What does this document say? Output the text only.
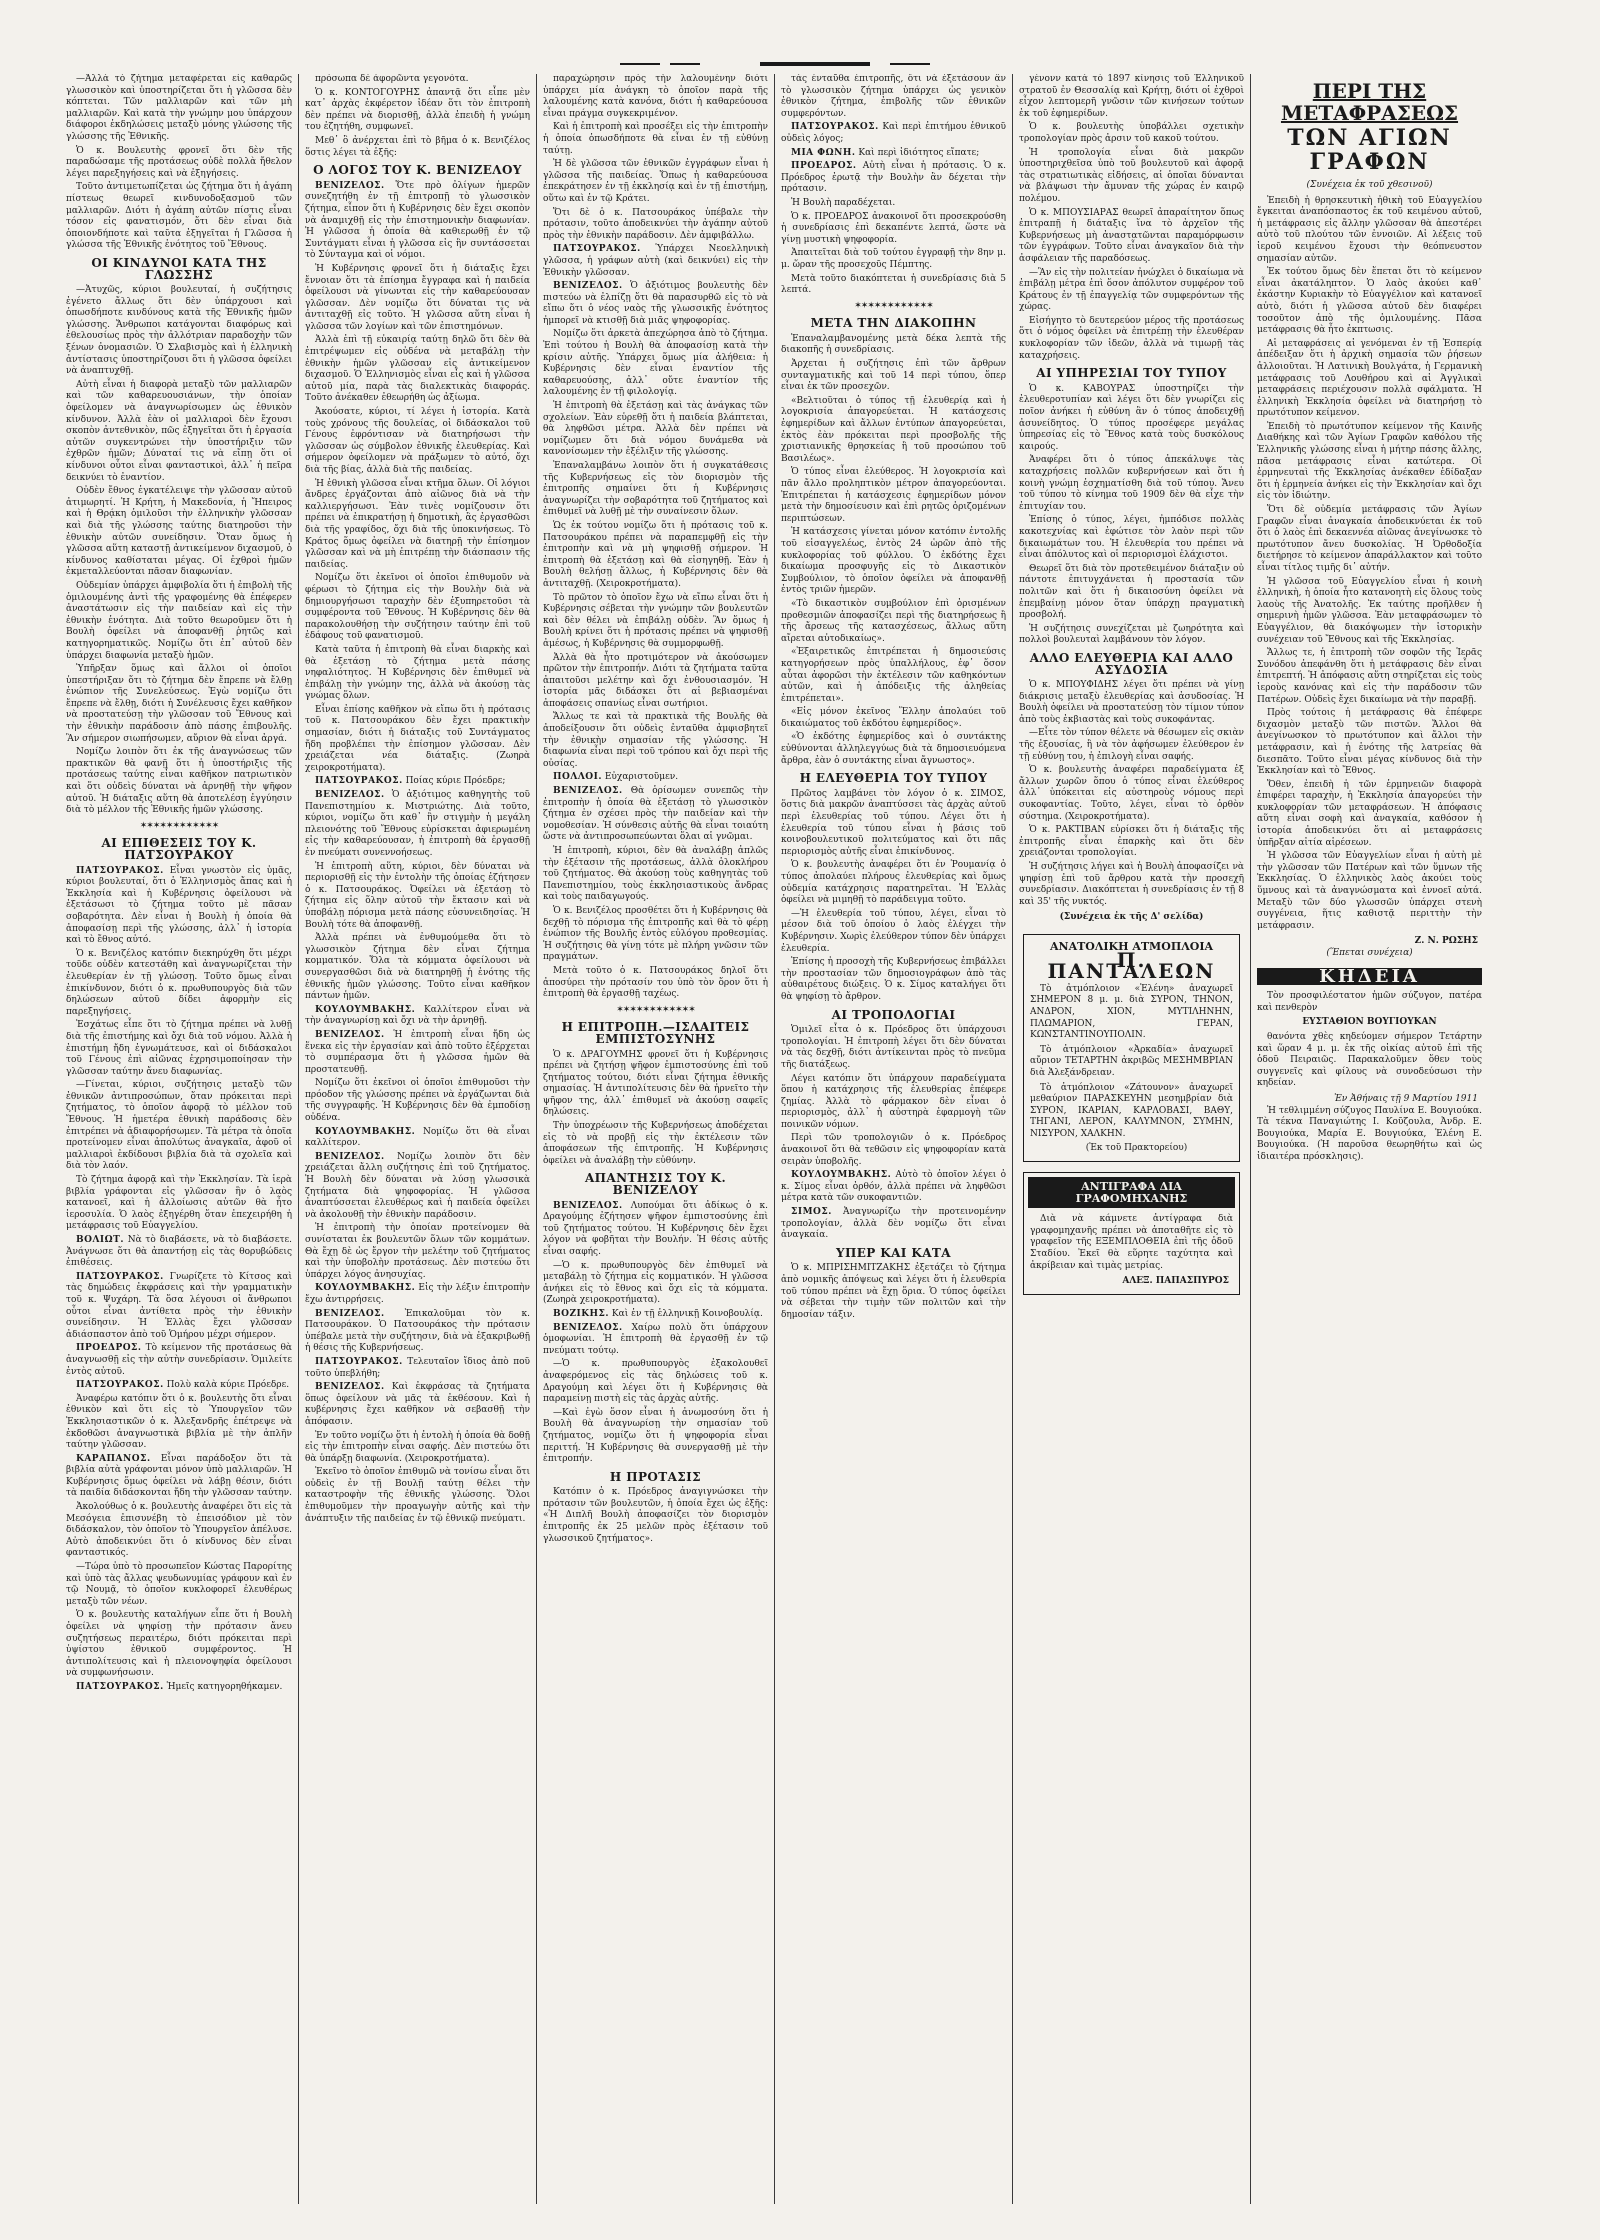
—Ἀλλὰ τὸ ζήτημα μεταφέρεται εἰς καθαρῶς γλωσσικὸν καὶ ὑποστηρίζεται ὅτι ἡ γλῶσσα δὲν κόπτεται. Τῶν μαλλιαρῶν καὶ τῶν μὴ μαλλιαρῶν. Καὶ κατὰ τὴν γνώμην μου ὑπάρχουν διάφοροι ἐκδηλώσεις μεταξὺ μόνης γλώσσης τῆς γλώσσης τῆς Ἐθνικῆς.

Ὁ κ. Βουλευτὴς φρονεῖ ὅτι δὲν τῆς παραδώσαμε τῆς προτάσεως οὐδὲ πολλὰ ἤθελον λέγει παρεξηγήσεις καὶ νὰ ἐξηγήσεις.

Τοῦτο ἀντιμετωπίζεται ὡς ζήτημα ὅτι ἡ ἀγάπη πίστεως θεωρεῖ κινδυνοδοξασμοῦ τῶν μαλλιαρῶν. Διότι ἡ ἀγάπη αὐτῶν πίστις εἶναι τόσον εἰς φανατισμόν, ὅτι δὲν εἶναι διὰ ὁποιονδήποτε καὶ ταῦτα ἐξηγεῖται ἡ Γλῶσσα ἡ γλώσσα τῆς Ἐθνικῆς ἑνότητος τοῦ Ἔθνους.

ΟΙ ΚΙΝΔΥΝΟΙ ΚΑΤΑ ΤΗΣ ΓΛΩΣΣΗΣ

—Ἀτυχῶς, κύριοι βουλευταί, ἡ συζήτησις ἐγένετο ἄλλως ὅτι δὲν ὑπάρχουσι καὶ ὁπωσδήποτε κινδύνους κατὰ τῆς Ἐθνικῆς ἡμῶν γλώσσης. Ἄνθρωποι κατάγονται διαφόρως καὶ ἐθελουσίως πρὸς τὴν ἀλλότριαν παραδοχὴν τῶν ξένων ὀνομασιῶν. Ὁ Σλαβισμὸς καὶ ἡ ἑλληνικὴ ἀντίστασις ὑποστηρίζουσι ὅτι ἡ γλῶσσα ὀφείλει νὰ ἀναπτυχθῇ.

Αὐτὴ εἶναι ἡ διαφορὰ μεταξὺ τῶν μαλλιαρῶν καὶ τῶν καθαρευουσιάνων, τὴν ὁποίαν ὀφείλομεν νὰ ἀναγνωρίσωμεν ὡς ἐθνικὸν κίνδυνον. Ἀλλὰ ἐὰν οἱ μαλλιαροὶ δὲν ἔχουσι σκοπὸν ἀντεθνικὸν, πῶς ἐξηγεῖται ὅτι ἡ ἐργασία αὐτῶν συγκεντρώνει τὴν ὑποστήριξιν τῶν ἐχθρῶν ἡμῶν; Δύναταί τις νὰ εἴπῃ ὅτι οἱ κίνδυνοι οὗτοι εἶναι φανταστικοὶ, ἀλλ᾽ ἡ πεῖρα δεικνύει τὸ ἐναντίον.

Οὐδὲν ἔθνος ἐγκατέλειψε τὴν γλῶσσαν αὐτοῦ ἀτιμωρητί. Ἡ Κρήτη, ἡ Μακεδονία, ἡ Ἤπειρος καὶ ἡ Θρᾴκη ὁμιλοῦσι τὴν ἑλληνικὴν γλῶσσαν καὶ διὰ τῆς γλώσσης ταύτης διατηροῦσι τὴν ἐθνικὴν αὐτῶν συνείδησιν. Ὅταν ὅμως ἡ γλῶσσα αὕτη καταστῇ ἀντικείμενον διχασμοῦ, ὁ κίνδυνος καθίσταται μέγας. Οἱ ἐχθροὶ ἡμῶν ἐκμεταλλεύονται πᾶσαν διαφωνίαν.

Οὐδεμίαν ὑπάρχει ἀμφιβολία ὅτι ἡ ἐπιβολὴ τῆς ὁμιλουμένης ἀντὶ τῆς γραφομένης θὰ ἐπέφερεν ἀναστάτωσιν εἰς τὴν παιδείαν καὶ εἰς τὴν ἐθνικὴν ἑνότητα. Διὰ τοῦτο θεωροῦμεν ὅτι ἡ Βουλὴ ὀφείλει νὰ ἀποφανθῇ ῥητῶς καὶ κατηγορηματικῶς. Νομίζω ὅτι ἐπ᾽ αὐτοῦ δὲν ὑπάρχει διαφωνία μεταξὺ ἡμῶν.

Ὑπῆρξαν ὅμως καὶ ἄλλοι οἱ ὁποῖοι ὑπεστήριξαν ὅτι τὸ ζήτημα δὲν ἔπρεπε νὰ ἔλθῃ ἐνώπιον τῆς Συνελεύσεως. Ἐγὼ νομίζω ὅτι ἔπρεπε νὰ ἔλθῃ, διότι ἡ Συνέλευσις ἔχει καθῆκον νὰ προστατεύσῃ τὴν γλῶσσαν τοῦ Ἔθνους καὶ τὴν ἐθνικὴν παράδοσιν ἀπὸ πάσης ἐπιβουλῆς. Ἂν σήμερον σιωπήσωμεν, αὔριον θὰ εἶναι ἀργά.

Νομίζω λοιπὸν ὅτι ἐκ τῆς ἀναγνώσεως τῶν πρακτικῶν θὰ φανῇ ὅτι ἡ ὑποστήριξις τῆς προτάσεως ταύτης εἶναι καθῆκον πατριωτικὸν καὶ ὅτι οὐδεὶς δύναται νὰ ἀρνηθῇ τὴν ψῆφον αὐτοῦ. Ἡ διάταξις αὕτη θὰ ἀποτελέσῃ ἐγγύησιν διὰ τὸ μέλλον τῆς Ἐθνικῆς ἡμῶν γλώσσης.

✶✶✶✶✶✶✶✶✶✶✶✶
ΑΙ ΕΠΙΘΕΣΕΙΣ ΤΟΥ Κ. ΠΑΤΣΟΥΡΑΚΟΥ

ΠΑΤΣΟΥΡΑΚΟΣ. Εἶναι γνωστὸν εἰς ὑμᾶς, κύριοι βουλευταί, ὅτι ὁ Ἑλληνισμὸς ἄπας καὶ ἡ Ἐκκλησία καὶ ἡ Κυβέρνησις ὀφείλουσι νὰ ἐξετάσωσι τὸ ζήτημα τοῦτο μὲ πᾶσαν σοβαρότητα. Δὲν εἶναι ἡ Βουλὴ ἡ ὁποία θὰ ἀποφασίσῃ περὶ τῆς γλώσσης, ἀλλ᾽ ἡ ἱστορία καὶ τὸ ἔθνος αὐτό.

Ὁ κ. Βενιζέλος κατόπιν διεκηρύχθη ὅτι μέχρι τοῦδε οὐδὲν κατεστάθη καὶ ἀναγνωρίζεται τὴν ἐλευθερίαν ἐν τῇ γλώσσῃ. Τοῦτο ὅμως εἶναι ἐπικίνδυνον, διότι ὁ κ. πρωθυπουργὸς διὰ τῶν δηλώσεων αὐτοῦ δίδει ἀφορμὴν εἰς παρεξηγήσεις.

Ἐσχάτως εἶπε ὅτι τὸ ζήτημα πρέπει νὰ λυθῇ διὰ τῆς ἐπιστήμης καὶ ὄχι διὰ τοῦ νόμου. Ἀλλὰ ἡ ἐπιστήμη ἤδη ἐγνωμάτευσε, καὶ οἱ διδάσκαλοι τοῦ Γένους ἐπὶ αἰῶνας ἐχρησιμοποίησαν τὴν γλῶσσαν ταύτην ἄνευ διαφωνίας.

—Γίνεται, κύριοι, συζήτησις μεταξὺ τῶν ἐθνικῶν ἀντιπροσώπων, ὅταν πρόκειται περὶ ζητήματος, τὸ ὁποῖον ἀφορᾷ τὸ μέλλον τοῦ Ἔθνους. Ἡ ἡμετέρα ἐθνικὴ παράδοσις δὲν ἐπιτρέπει νὰ ἀδιαφορήσωμεν. Τὰ μέτρα τὰ ὁποῖα προτείνομεν εἶναι ἀπολύτως ἀναγκαῖα, ἀφοῦ οἱ μαλλιαροὶ ἐκδίδουσι βιβλία διὰ τὰ σχολεῖα καὶ διὰ τὸν λαόν.

Τὸ ζήτημα ἀφορᾷ καὶ τὴν Ἐκκλησίαν. Τὰ ἱερὰ βιβλία γράφονται εἰς γλῶσσαν ἣν ὁ λαὸς κατανοεῖ, καὶ ἡ ἀλλοίωσις αὐτῶν θὰ ἦτο ἱεροσυλία. Ὁ λαὸς ἐξηγέρθη ὅταν ἐπεχειρήθη ἡ μετάφρασις τοῦ Εὐαγγελίου.

ΒΟΛΙΩΤ. Νὰ τὸ διαβάσετε, νὰ τὸ διαβάσετε. Ἀνάγνωσε ὅτι θὰ ἀπαντήσῃ εἰς τὰς θορυβώδεις ἐπιθέσεις.

ΠΑΤΣΟΥΡΑΚΟΣ. Γνωρίζετε τὸ Κίτσος καὶ τὰς δημώδεις ἐκφράσεις καὶ τὴν γραμματικὴν τοῦ κ. Ψυχάρη. Τὰ ὅσα λέγουσι οἱ ἄνθρωποι οὗτοι εἶναι ἀντίθετα πρὸς τὴν ἐθνικὴν συνείδησιν. Ἡ Ἑλλὰς ἔχει γλῶσσαν ἀδιάσπαστον ἀπὸ τοῦ Ὁμήρου μέχρι σήμερον.

ΠΡΟΕΔΡΟΣ. Τὸ κείμενον τῆς προτάσεως θὰ ἀναγνωσθῇ εἰς τὴν αὐτὴν συνεδρίασιν. Ὁμιλείτε ἐντὸς αὐτοῦ.

ΠΑΤΣΟΥΡΑΚΟΣ. Πολὺ καλὰ κύριε Πρόεδρε.

Ἀναφέρω κατόπιν ὅτι ὁ κ. βουλευτὴς ὅτι εἶναι ἐθνικὸν καὶ ὅτι εἰς τὸ Ὑπουργεῖον τῶν Ἐκκλησιαστικῶν ὁ κ. Ἀλεξανδρῆς ἐπέτρεψε νὰ ἐκδοθῶσι ἀναγνωστικὰ βιβλία μὲ τὴν ἁπλῆν ταύτην γλῶσσαν.

ΚΑΡΑΠΑΝΟΣ. Εἶναι παράδοξον ὅτι τὰ βιβλία αὐτὰ γράφονται μόνον ὑπὸ μαλλιαρῶν. Ἡ Κυβέρνησις ὅμως ὀφείλει νὰ λάβῃ θέσιν, διότι τὰ παιδία διδάσκονται ἤδη τὴν γλῶσσαν ταύτην.

Ἀκολούθως ὁ κ. βουλευτὴς ἀναφέρει ὅτι εἰς τὰ Μεσόγεια ἐπισυνέβη τὸ ἐπεισόδιον μὲ τὸν διδάσκαλον, τὸν ὁποῖον τὸ Ὑπουργεῖον ἀπέλυσε. Αὐτὸ ἀποδεικνύει ὅτι ὁ κίνδυνος δὲν εἶναι φανταστικός.

—Τώρα ὑπὸ τὸ προσωπεῖον Κώστας Παρορίτης καὶ ὑπὸ τὰς ἄλλας ψευδωνυμίας γράφουν καὶ ἐν τῷ Νουμᾷ, τὸ ὁποῖον κυκλοφορεῖ ἐλευθέρως μεταξὺ τῶν νέων.

Ὁ κ. βουλευτὴς καταλήγων εἶπε ὅτι ἡ Βουλὴ ὀφείλει νὰ ψηφίσῃ τὴν πρότασιν ἄνευ συζητήσεως περαιτέρω, διότι πρόκειται περὶ ὑψίστου ἐθνικοῦ συμφέροντος. Ἡ ἀντιπολίτευσις καὶ ἡ πλειονοψηφία ὀφείλουσι νὰ συμφωνήσωσιν.

ΠΑΤΣΟΥΡΑΚΟΣ. Ἡμεῖς κατηγορηθήκαμεν.

πρόσωπα δὲ ἀφορῶντα γεγονότα.

Ὁ κ. ΚΟΝΤΟΓΟΥΡΗΣ ἀπαντᾷ ὅτι εἶπε μὲν κατ᾽ ἀρχὰς ἐκφέρετον ἰδέαν ὅτι τὸν ἐπιτροπὴ δὲν πρέπει νὰ διορισθῇ, ἀλλὰ ἐπειδὴ ἡ γνώμη του ἐζητήθη, συμφωνεῖ.

Μεθ᾽ ὃ ἀνέρχεται ἐπὶ τὸ βῆμα ὁ κ. Βενιζέλος ὅστις λέγει τὰ ἑξῆς:

Ο ΛΟΓΟΣ ΤΟΥ Κ. ΒΕΝΙΖΕΛΟΥ

ΒΕΝΙΖΕΛΟΣ. Ὅτε πρὸ ὀλίγων ἡμερῶν συνεζητήθη ἐν τῇ ἐπιτροπῇ τὸ γλωσσικὸν ζήτημα, εἶπον ὅτι ἡ Κυβέρνησις δὲν ἔχει σκοπὸν νὰ ἀναμιχθῇ εἰς τὴν ἐπιστημονικὴν διαφωνίαν. Ἡ γλῶσσα ἡ ὁποία θὰ καθιερωθῇ ἐν τῷ Συντάγματι εἶναι ἡ γλῶσσα εἰς ἣν συντάσσεται τὸ Σύνταγμα καὶ οἱ νόμοι.

Ἡ Κυβέρνησις φρονεῖ ὅτι ἡ διάταξις ἔχει ἔννοιαν ὅτι τὰ ἐπίσημα ἔγγραφα καὶ ἡ παιδεία ὀφείλουσι νὰ γίνωνται εἰς τὴν καθαρεύουσαν γλῶσσαν. Δὲν νομίζω ὅτι δύναται τις νὰ ἀντιταχθῇ εἰς τοῦτο. Ἡ γλῶσσα αὕτη εἶναι ἡ γλῶσσα τῶν λογίων καὶ τῶν ἐπιστημόνων.

Ἀλλὰ ἐπὶ τῇ εὐκαιρίᾳ ταύτῃ δηλῶ ὅτι δὲν θὰ ἐπιτρέψωμεν εἰς οὐδένα νὰ μεταβάλῃ τὴν ἐθνικὴν ἡμῶν γλῶσσαν εἰς ἀντικείμενον διχασμοῦ. Ὁ Ἑλληνισμὸς εἶναι εἷς καὶ ἡ γλῶσσα αὐτοῦ μία, παρὰ τὰς διαλεκτικὰς διαφοράς. Τοῦτο ἀνέκαθεν ἐθεωρήθη ὡς ἀξίωμα.

Ἀκούσατε, κύριοι, τί λέγει ἡ ἱστορία. Κατὰ τοὺς χρόνους τῆς δουλείας, οἱ διδάσκαλοι τοῦ Γένους ἐφρόντισαν νὰ διατηρήσωσι τὴν γλῶσσαν ὡς σύμβολον ἐθνικῆς ἐλευθερίας. Καὶ σήμερον ὀφείλομεν νὰ πράξωμεν τὸ αὐτό, ὄχι διὰ τῆς βίας, ἀλλὰ διὰ τῆς παιδείας.

Ἡ ἐθνικὴ γλῶσσα εἶναι κτῆμα ὅλων. Οἱ λόγιοι ἄνδρες ἐργάζονται ἀπὸ αἰῶνος διὰ νὰ τὴν καλλιεργήσωσι. Ἐὰν τινὲς νομίζουσιν ὅτι πρέπει νὰ ἐπικρατήσῃ ἡ δημοτικὴ, ἃς ἐργασθῶσι διὰ τῆς γραφίδος, ὄχι διὰ τῆς ὑποκινήσεως. Τὸ Κράτος ὅμως ὀφείλει νὰ διατηρῇ τὴν ἐπίσημον γλῶσσαν καὶ νὰ μὴ ἐπιτρέπῃ τὴν διάσπασιν τῆς παιδείας.

Νομίζω ὅτι ἐκεῖνοι οἱ ὁποῖοι ἐπιθυμοῦν νὰ φέρωσι τὸ ζήτημα εἰς τὴν Βουλὴν διὰ νὰ δημιουργήσωσι ταραχὴν δὲν ἐξυπηρετοῦσι τὰ συμφέροντα τοῦ Ἔθνους. Ἡ Κυβέρνησις δὲν θὰ παρακολουθήσῃ τὴν συζήτησιν ταύτην ἐπὶ τοῦ ἐδάφους τοῦ φανατισμοῦ.

Κατὰ ταῦτα ἡ ἐπιτροπὴ θὰ εἶναι διαρκὴς καὶ θὰ ἐξετάσῃ τὸ ζήτημα μετὰ πάσης νηφαλιότητος. Ἡ Κυβέρνησις δὲν ἐπιθυμεῖ νὰ ἐπιβάλῃ τὴν γνώμην της, ἀλλὰ νὰ ἀκούσῃ τὰς γνώμας ὅλων.

Εἶναι ἐπίσης καθῆκον νὰ εἴπω ὅτι ἡ πρότασις τοῦ κ. Πατσουράκου δὲν ἔχει πρακτικὴν σημασίαν, διότι ἡ διάταξις τοῦ Συντάγματος ἤδη προβλέπει τὴν ἐπίσημον γλῶσσαν. Δὲν χρειάζεται νέα διάταξις. (Ζωηρὰ χειροκροτήματα).

ΠΑΤΣΟΥΡΑΚΟΣ. Ποίας κύριε Πρόεδρε;

ΒΕΝΙΖΕΛΟΣ. Ὁ ἀξιότιμος καθηγητὴς τοῦ Πανεπιστημίου κ. Μιστριώτης. Διὰ τοῦτο, κύριοι, νομίζω ὅτι καθ᾽ ἢν στιγμὴν ἡ μεγάλη πλειονότης τοῦ Ἔθνους εὑρίσκεται ἀφιερωμένη εἰς τὴν καθαρεύουσαν, ἡ ἐπιτροπὴ θὰ ἐργασθῇ ἐν πνεύματι συνεννοήσεως.

Ἡ ἐπιτροπὴ αὕτη, κύριοι, δὲν δύναται νὰ περιορισθῇ εἰς τὴν ἐντολὴν τῆς ὁποίας ἐζήτησεν ὁ κ. Πατσουράκος. Ὀφείλει νὰ ἐξετάσῃ τὸ ζήτημα εἰς ὅλην αὐτοῦ τὴν ἔκτασιν καὶ νὰ ὑποβάλῃ πόρισμα μετὰ πάσης εὐσυνειδησίας. Ἡ Βουλὴ τότε θὰ ἀποφανθῇ.

Ἀλλὰ πρέπει νὰ ἐνθυμούμεθα ὅτι τὸ γλωσσικὸν ζήτημα δὲν εἶναι ζήτημα κομματικόν. Ὅλα τὰ κόμματα ὀφείλουσι νὰ συνεργασθῶσι διὰ νὰ διατηρηθῇ ἡ ἑνότης τῆς ἐθνικῆς ἡμῶν γλώσσης. Τοῦτο εἶναι καθῆκον πάντων ἡμῶν.

ΚΟΥΛΟΥΜΒΑΚΗΣ. Καλλίτερον εἶναι νὰ τὴν ἀναγνωρίσῃ καὶ ὄχι νὰ τὴν ἀρνηθῇ.

ΒΕΝΙΖΕΛΟΣ. Ἡ ἐπιτροπὴ εἶναι ἤδη ὡς ἕνεκα εἰς τὴν ἐργασίαν καὶ ἀπὸ τοῦτο ἐξέρχεται τὸ συμπέρασμα ὅτι ἡ γλῶσσα ἡμῶν θὰ προστατευθῇ.

Νομίζω ὅτι ἐκεῖνοι οἱ ὁποῖοι ἐπιθυμοῦσι τὴν πρόοδον τῆς γλώσσης πρέπει νὰ ἐργάζωνται διὰ τῆς συγγραφῆς. Ἡ Κυβέρνησις δὲν θὰ ἐμποδίσῃ οὐδένα.

ΚΟΥΛΟΥΜΒΑΚΗΣ. Νομίζω ὅτι θὰ εἶναι καλλίτερον.

ΒΕΝΙΖΕΛΟΣ. Νομίζω λοιπὸν ὅτι δὲν χρειάζεται ἄλλη συζήτησις ἐπὶ τοῦ ζητήματος. Ἡ Βουλὴ δὲν δύναται νὰ λύσῃ γλωσσικὰ ζητήματα διὰ ψηφοφορίας. Ἡ γλῶσσα ἀναπτύσσεται ἐλευθέρως καὶ ἡ παιδεία ὀφείλει νὰ ἀκολουθῇ τὴν ἐθνικὴν παράδοσιν.

Ἡ ἐπιτροπὴ τὴν ὁποίαν προτείνομεν θὰ συνίσταται ἐκ βουλευτῶν ὅλων τῶν κομμάτων. Θὰ ἔχῃ δὲ ὡς ἔργον τὴν μελέτην τοῦ ζητήματος καὶ τὴν ὑποβολὴν προτάσεως. Δὲν πιστεύω ὅτι ὑπάρχει λόγος ἀνησυχίας.

ΚΟΥΛΟΥΜΒΑΚΗΣ. Εἰς τὴν λέξιν ἐπιτροπὴν ἔχω ἀντιρρήσεις.

ΒΕΝΙΖΕΛΟΣ. Ἐπικαλοῦμαι τὸν κ. Πατσουράκον. Ὁ Πατσουράκος τὴν πρότασιν ὑπέβαλε μετὰ τὴν συζήτησιν, διὰ νὰ ἐξακριβωθῇ ἡ θέσις τῆς Κυβερνήσεως.

ΠΑΤΣΟΥΡΑΚΟΣ. Τελευταῖον ἴδιος ἀπὸ ποῦ τοῦτο ὑπεβλήθη;

ΒΕΝΙΖΕΛΟΣ. Καὶ ἐκφράσας τὰ ζητήματα ὅπως ὀφείλουν νὰ μᾶς τὰ ἐκθέσουν. Καὶ ἡ κυβέρνησις ἔχει καθῆκον νὰ σεβασθῇ τὴν ἀπόφασιν.

Ἐν τοῦτο νομίζω ὅτι ἡ ἐντολὴ ἡ ὁποία θὰ δοθῇ εἰς τὴν ἐπιτροπὴν εἶναι σαφής. Δὲν πιστεύω ὅτι θὰ ὑπάρξῃ διαφωνία. (Χειροκροτήματα).

Ἐκεῖνο τὸ ὁποῖον ἐπιθυμῶ νὰ τονίσω εἶναι ὅτι οὐδεὶς ἐν τῇ Βουλῇ ταύτῃ θέλει τὴν καταστροφὴν τῆς ἐθνικῆς γλώσσης. Ὅλοι ἐπιθυμοῦμεν τὴν προαγωγὴν αὐτῆς καὶ τὴν ἀνάπτυξιν τῆς παιδείας ἐν τῷ ἐθνικῷ πνεύματι.

παραχώρησιν πρὸς τὴν λαλουμένην διότι ὑπάρχει μία ἀνάγκη τὸ ὁποῖον παρὰ τῆς λαλουμένης κατὰ κανόνα, διότι ἡ καθαρεύουσα εἶναι πράγμα συγκεκριμένον.

Καὶ ἡ ἐπιτροπὴ καὶ προσέξει εἰς τὴν ἐπιτροπὴν ἡ ὁποία ὁπωσδήποτε θὰ εἶναι ἐν τῇ εὐθύνῃ ταύτῃ.

Ἡ δὲ γλῶσσα τῶν ἐθνικῶν ἐγγράφων εἶναι ἡ γλῶσσα τῆς παιδείας. Ὅπως ἡ καθαρεύουσα ἐπεκράτησεν ἐν τῇ ἐκκλησίᾳ καὶ ἐν τῇ ἐπιστήμῃ, οὕτω καὶ ἐν τῷ Κράτει.

Ὅτι δὲ ὁ κ. Πατσουράκος ὑπέβαλε τὴν πρότασιν, τοῦτο ἀποδεικνύει τὴν ἀγάπην αὐτοῦ πρὸς τὴν ἐθνικὴν παράδοσιν. Δὲν ἀμφιβάλλω.

ΠΑΤΣΟΥΡΑΚΟΣ. Ὑπάρχει Νεοελληνικὴ γλῶσσα, ἡ γράφων αὐτὴ (καὶ δεικνύει) εἰς τὴν Ἐθνικὴν γλῶσσαν.

ΒΕΝΙΖΕΛΟΣ. Ὁ ἀξιότιμος βουλευτὴς δὲν πιστεύω νὰ ἐλπίζῃ ὅτι θὰ παρασυρθῶ εἰς τὸ νὰ εἴπω ὅτι ὁ νέος ναὸς τῆς γλωσσικῆς ἐνότητος ἠμπορεῖ νὰ κτισθῇ διὰ μιᾶς ψηφοφορίας.

Νομίζω ὅτι ἀρκετὰ ἀπεχώρησα ἀπὸ τὸ ζήτημα. Ἐπὶ τούτου ἡ Βουλὴ θὰ ἀποφασίσῃ κατὰ τὴν κρίσιν αὐτῆς. Ὑπάρχει ὅμως μία ἀλήθεια: ἡ Κυβέρνησις δὲν εἶναι ἐναντίον τῆς καθαρευούσης, ἀλλ᾽ οὔτε ἐναντίον τῆς λαλουμένης ἐν τῇ φιλολογίᾳ.

Ἡ ἐπιτροπὴ θὰ ἐξετάσῃ καὶ τὰς ἀνάγκας τῶν σχολείων. Ἐὰν εὑρεθῇ ὅτι ἡ παιδεία βλάπτεται, θὰ ληφθῶσι μέτρα. Ἀλλὰ δὲν πρέπει νὰ νομίζωμεν ὅτι διὰ νόμου δυνάμεθα νὰ κανονίσωμεν τὴν ἐξέλιξιν τῆς γλώσσης.

Ἐπαναλαμβάνω λοιπὸν ὅτι ἡ συγκατάθεσις τῆς Κυβερνήσεως εἰς τὸν διορισμὸν τῆς ἐπιτροπῆς σημαίνει ὅτι ἡ Κυβέρνησις ἀναγνωρίζει τὴν σοβαρότητα τοῦ ζητήματος καὶ ἐπιθυμεῖ νὰ λυθῇ μὲ τὴν συναίνεσιν ὅλων.

Ὡς ἐκ τούτου νομίζω ὅτι ἡ πρότασις τοῦ κ. Πατσουράκου πρέπει νὰ παραπεμφθῇ εἰς τὴν ἐπιτροπὴν καὶ νὰ μὴ ψηφισθῇ σήμερον. Ἡ ἐπιτροπὴ θὰ ἐξετάσῃ καὶ θὰ εἰσηγηθῇ. Ἐὰν ἡ Βουλὴ θελήσῃ ἄλλως, ἡ Κυβέρνησις δὲν θὰ ἀντιταχθῇ. (Χειροκροτήματα).

Τὸ πρῶτον τὸ ὁποῖον ἔχω νὰ εἴπω εἶναι ὅτι ἡ Κυβέρνησις σέβεται τὴν γνώμην τῶν βουλευτῶν καὶ δὲν θέλει νὰ ἐπιβάλῃ οὐδὲν. Ἂν ὅμως ἡ Βουλὴ κρίνει ὅτι ἡ πρότασις πρέπει νὰ ψηφισθῇ ἀμέσως, ἡ Κυβέρνησις θὰ συμμορφωθῇ.

Ἀλλὰ θὰ ἦτο προτιμότερον νὰ ἀκούσωμεν πρῶτον τὴν ἐπιτροπήν. Διότι τὰ ζητήματα ταῦτα ἀπαιτοῦσι μελέτην καὶ ὄχι ἐνθουσιασμόν. Ἡ ἱστορία μᾶς διδάσκει ὅτι αἱ βεβιασμέναι ἀποφάσεις σπανίως εἶναι σωτήριοι.

Ἄλλως τε καὶ τὰ πρακτικὰ τῆς Βουλῆς θὰ ἀποδείξουσιν ὅτι οὐδεὶς ἐνταῦθα ἀμφισβητεῖ τὴν ἐθνικὴν σημασίαν τῆς γλώσσης. Ἡ διαφωνία εἶναι περὶ τοῦ τρόπου καὶ ὄχι περὶ τῆς οὐσίας.

ΠΟΛΛΟΙ. Εὐχαριστοῦμεν.

ΒΕΝΙΖΕΛΟΣ. Θὰ ὁρίσωμεν συνεπῶς τὴν ἐπιτροπὴν ἡ ὁποία θὰ ἐξετάσῃ τὸ γλωσσικὸν ζήτημα ἐν σχέσει πρὸς τὴν παιδείαν καὶ τὴν νομοθεσίαν. Ἡ σύνθεσις αὐτῆς θὰ εἶναι τοιαύτη ὥστε νὰ ἀντιπροσωπεύωνται ὅλαι αἱ γνῶμαι.

Ἡ ἐπιτροπὴ, κύριοι, δὲν θὰ ἀναλάβῃ ἀπλῶς τὴν ἐξέτασιν τῆς προτάσεως, ἀλλὰ ὁλοκλήρου τοῦ ζητήματος. Θὰ ἀκούσῃ τοὺς καθηγητὰς τοῦ Πανεπιστημίου, τοὺς ἐκκλησιαστικοὺς ἄνδρας καὶ τοὺς παιδαγωγούς.

Ὁ κ. Βενιζέλος προσθέτει ὅτι ἡ Κυβέρνησις θὰ δεχθῇ τὸ πόρισμα τῆς ἐπιτροπῆς καὶ θὰ τὸ φέρῃ ἐνώπιον τῆς Βουλῆς ἐντὸς εὐλόγου προθεσμίας. Ἡ συζήτησις θὰ γίνῃ τότε μὲ πλήρη γνῶσιν τῶν πραγμάτων.

Μετὰ τοῦτο ὁ κ. Πατσουράκος δηλοῖ ὅτι ἀποσύρει τὴν πρότασίν του ὑπὸ τὸν ὅρον ὅτι ἡ ἐπιτροπὴ θὰ ἐργασθῇ ταχέως.

✶✶✶✶✶✶✶✶✶✶✶✶
Η ΕΠΙΤΡΟΠΗ.—ΙΣΛΑΙΤΕΙΣ ΕΜΠΙΣΤΟΣΥΝΗΣ

Ὁ κ. ΔΡΑΓΟΥΜΗΣ φρονεῖ ὅτι ἡ Κυβέρνησις πρέπει νὰ ζητήσῃ ψῆφον ἐμπιστοσύνης ἐπὶ τοῦ ζητήματος τούτου, διότι εἶναι ζήτημα ἐθνικῆς σημασίας. Ἡ ἀντιπολίτευσις δὲν θὰ ἠρνεῖτο τὴν ψῆφον της, ἀλλ᾽ ἐπιθυμεῖ νὰ ἀκούσῃ σαφεῖς δηλώσεις.

Τὴν ὑποχρέωσιν τῆς Κυβερνήσεως ἀποδέχεται εἰς τὸ νὰ προβῇ εἰς τὴν ἐκτέλεσιν τῶν ἀποφάσεων τῆς ἐπιτροπῆς. Ἡ Κυβέρνησις ὀφείλει νὰ ἀναλάβῃ τὴν εὐθύνην.

ΑΠΑΝΤΗΣΙΣ ΤΟΥ Κ. ΒΕΝΙΖΕΛΟΥ

ΒΕΝΙΖΕΛΟΣ. Λυπούμαι ὅτι ἀδίκως ὁ κ. Δραγούμης ἐζήτησεν ψῆφον ἐμπιστοσύνης ἐπὶ τοῦ ζητήματος τούτου. Ἡ Κυβέρνησις δὲν ἔχει λόγον νὰ φοβῆται τὴν Βουλήν. Ἡ θέσις αὐτῆς εἶναι σαφής.

—Ὁ κ. πρωθυπουργὸς δὲν ἐπιθυμεῖ νὰ μεταβάλῃ τὸ ζήτημα εἰς κομματικόν. Ἡ γλῶσσα ἀνήκει εἰς τὸ ἔθνος καὶ ὄχι εἰς τὰ κόμματα. (Ζωηρὰ χειροκροτήματα).

ΒΟΖΙΚΗΣ. Καὶ ἐν τῇ ἑλληνικῇ Κοινοβουλίᾳ.

ΒΕΝΙΖΕΛΟΣ. Χαίρω πολὺ ὅτι ὑπάρχουν ὁμοφωνίαι. Ἡ ἐπιτροπὴ θὰ ἐργασθῇ ἐν τῷ πνεύματι τούτῳ.

—Ὁ κ. πρωθυπουργὸς ἐξακολουθεῖ ἀναφερόμενος εἰς τὰς δηλώσεις τοῦ κ. Δραγούμη καὶ λέγει ὅτι ἡ Κυβέρνησις θὰ παραμείνῃ πιστὴ εἰς τὰς ἀρχὰς αὐτῆς.

—Καὶ ἐγὼ ὅσον εἶναι ἡ ἀνωμοσύνη ὅτι ἡ Βουλὴ θὰ ἀναγνωρίσῃ τὴν σημασίαν τοῦ ζητήματος, νομίζω ὅτι ἡ ψηφοφορία εἶναι περιττή. Ἡ Κυβέρνησις θὰ συνεργασθῇ μὲ τὴν ἐπιτροπήν.

Η ΠΡΟΤΑΣΙΣ

Κατόπιν ὁ κ. Πρόεδρος ἀναγιγνώσκει τὴν πρότασιν τῶν βουλευτῶν, ἡ ὁποία ἔχει ὡς ἑξῆς: «Ἡ Διπλῆ Βουλὴ ἀποφασίζει τὸν διορισμὸν ἐπιτροπῆς ἐκ 25 μελῶν πρὸς ἐξέτασιν τοῦ γλωσσικοῦ ζητήματος».

τὰς ἐνταῦθα ἐπιτροπῆς, ὅτι νὰ ἐξετάσουν ἂν τὸ γλωσσικὸν ζήτημα ὑπάρχει ὡς γενικὸν ἐθνικὸν ζήτημα, ἐπιβολῆς τῶν ἐθνικῶν συμφερόντων.

ΠΑΤΣΟΥΡΑΚΟΣ. Καὶ περὶ ἐπιτήμου ἐθνικοῦ οὐδεὶς λόγος;

ΜΙΑ ΦΩΝΗ. Καὶ περὶ ἰδιότητος εἴπατε;

ΠΡΟΕΔΡΟΣ. Αὐτὴ εἶναι ἡ πρότασις. Ὁ κ. Πρόεδρος ἐρωτᾷ τὴν Βουλὴν ἂν δέχεται τὴν πρότασιν.

Ἡ Βουλὴ παραδέχεται.

Ὁ κ. ΠΡΟΕΔΡΟΣ ἀνακοινοῖ ὅτι προσεκρούσθη ἡ συνεδρίασις ἐπὶ δεκαπέντε λεπτά, ὥστε νὰ γίνῃ μυστικὴ ψηφοφορία.

Ἀπαιτεῖται διὰ τοῦ τούτου ἐγγραφῇ τὴν 8ην μ. μ. ὥραν τῆς προσεχοῦς Πέμπτης.

Μετὰ τοῦτο διακόπτεται ἡ συνεδρίασις διὰ 5 λεπτά.

✶✶✶✶✶✶✶✶✶✶✶✶
ΜΕΤΑ ΤΗΝ ΔΙΑΚΟΠΗΝ

Ἐπαναλαμβανομένης μετὰ δέκα λεπτὰ τῆς διακοπῆς ἡ συνεδρίασις.

Ἀρχεται ἡ συζήτησις ἐπὶ τῶν ἄρθρων συνταγματικῆς καὶ τοῦ 14 περὶ τύπου, ὅπερ εἶναι ἐκ τῶν προσεχῶν.

«Βελτιοῦται ὁ τύπος τῇ ἐλευθερίᾳ καὶ ἡ λογοκρισία ἀπαγορεύεται. Ἡ κατάσχεσις ἐφημερίδων καὶ ἄλλων ἐντύπων ἀπαγορεύεται, ἐκτὸς ἐὰν πρόκειται περὶ προσβολῆς τῆς χριστιανικῆς θρησκείας ἢ τοῦ προσώπου τοῦ Βασιλέως».

Ὁ τύπος εἶναι ἐλεύθερος. Ἡ λογοκρισία καὶ πᾶν ἄλλο προληπτικὸν μέτρον ἀπαγορεύονται. Ἐπιτρέπεται ἡ κατάσχεσις ἐφημερίδων μόνον μετὰ τὴν δημοσίευσιν καὶ ἐπὶ ρητῶς ὁριζομένων περιπτώσεων.

Ἡ κατάσχεσις γίνεται μόνον κατόπιν ἐντολῆς τοῦ εἰσαγγελέως, ἐντὸς 24 ὡρῶν ἀπὸ τῆς κυκλοφορίας τοῦ φύλλου. Ὁ ἐκδότης ἔχει δικαίωμα προσφυγῆς εἰς τὸ Δικαστικὸν Συμβούλιον, τὸ ὁποῖον ὀφείλει νὰ ἀποφανθῇ ἐντὸς τριῶν ἡμερῶν.

«Τὸ δικαστικὸν συμβούλιον ἐπὶ ὁρισμένων προθεσμιῶν ἀποφασίζει περὶ τῆς διατηρήσεως ἢ τῆς ἄρσεως τῆς κατασχέσεως, ἄλλως αὕτη αἴρεται αὐτοδικαίως».

«Ἐξαιρετικῶς ἐπιτρέπεται ἡ δημοσιεύσις κατηγορήσεων πρὸς ὑπαλλήλους, ἐφ᾽ ὅσον αὗται ἀφορῶσι τὴν ἐκτέλεσιν τῶν καθηκόντων αὐτῶν, καὶ ἡ ἀπόδειξις τῆς ἀληθείας ἐπιτρέπεται».

«Εἰς μόνον ἐκεῖνος Ἕλλην ἀπολαύει τοῦ δικαιώματος τοῦ ἐκδότου ἐφημερίδος».

«Ὁ ἐκδότης ἐφημερίδος καὶ ὁ συντάκτης εὐθύνονται ἀλληλεγγύως διὰ τὰ δημοσιευόμενα ἄρθρα, ἐὰν ὁ συντάκτης εἶναι ἄγνωστος».

Η ΕΛΕΥΘΕΡΙΑ ΤΟΥ ΤΥΠΟΥ

Πρῶτος λαμβάνει τὸν λόγον ὁ κ. ΣΙΜΟΣ, ὅστις διὰ μακρῶν ἀναπτύσσει τὰς ἀρχὰς αὐτοῦ περὶ ἐλευθερίας τοῦ τύπου. Λέγει ὅτι ἡ ἐλευθερία τοῦ τύπου εἶναι ἡ βάσις τοῦ κοινοβουλευτικοῦ πολιτεύματος καὶ ὅτι πᾶς περιορισμὸς αὐτῆς εἶναι ἐπικίνδυνος.

Ὁ κ. βουλευτὴς ἀναφέρει ὅτι ἐν Ῥουμανίᾳ ὁ τύπος ἀπολαύει πλήρους ἐλευθερίας καὶ ὅμως οὐδεμία κατάχρησις παρατηρεῖται. Ἡ Ἑλλὰς ὀφείλει νὰ μιμηθῇ τὸ παράδειγμα τοῦτο.

—Ἡ ἐλευθερία τοῦ τύπου, λέγει, εἶναι τὸ μέσον διὰ τοῦ ὁποίου ὁ λαὸς ἐλέγχει τὴν Κυβέρνησιν. Χωρὶς ἐλεύθερον τύπον δὲν ὑπάρχει ἐλευθερία.

Ἐπίσης ἡ προσοχὴ τῆς Κυβερνήσεως ἐπιβάλλει τὴν προστασίαν τῶν δημοσιογράφων ἀπὸ τὰς αὐθαιρέτους διώξεις. Ὁ κ. Σίμος καταλήγει ὅτι θὰ ψηφίσῃ τὸ ἄρθρον.

ΑΙ ΤΡΟΠΟΛΟΓΙΑΙ

Ὁμιλεῖ εἶτα ὁ κ. Πρόεδρος ὅτι ὑπάρχουσι τροπολογίαι. Ἡ ἐπιτροπὴ λέγει ὅτι δὲν δύναται νὰ τὰς δεχθῇ, διότι ἀντίκεινται πρὸς τὸ πνεῦμα τῆς διατάξεως.

Λέγει κατόπιν ὅτι ὑπάρχουν παραδείγματα ὅπου ἡ κατάχρησις τῆς ἐλευθερίας ἐπέφερε ζημίας. Ἀλλὰ τὸ φάρμακον δὲν εἶναι ὁ περιορισμὸς, ἀλλ᾽ ἡ αὐστηρὰ ἐφαρμογὴ τῶν ποινικῶν νόμων.

Περὶ τῶν τροπολογιῶν ὁ κ. Πρόεδρος ἀνακοινοῖ ὅτι θὰ τεθῶσιν εἰς ψηφοφορίαν κατὰ σειρὰν ὑποβολῆς.

ΚΟΥΛΟΥΜΒΑΚΗΣ. Αὐτὸ τὸ ὁποῖον λέγει ὁ κ. Σίμος εἶναι ὀρθόν, ἀλλὰ πρέπει νὰ ληφθῶσι μέτρα κατὰ τῶν συκοφαντιῶν.

ΣΙΜΟΣ. Ἀναγνωρίζω τὴν προτεινομένην τροπολογίαν, ἀλλὰ δὲν νομίζω ὅτι εἶναι ἀναγκαία.

ΥΠΕΡ ΚΑΙ ΚΑΤΑ

Ὁ κ. ΜΠΡΙΣΗΜΙΤΖΑΚΗΣ ἐξετάζει τὸ ζήτημα ἀπὸ νομικῆς ἀπόψεως καὶ λέγει ὅτι ἡ ἐλευθερία τοῦ τύπου πρέπει νὰ ἔχῃ ὅρια. Ὁ τύπος ὀφείλει νὰ σέβεται τὴν τιμὴν τῶν πολιτῶν καὶ τὴν δημοσίαν τάξιν.

γένονν κατὰ τὸ 1897 κίνησις τοῦ Ἑλληνικοῦ στρατοῦ ἐν Θεσσαλίᾳ καὶ Κρήτῃ, διότι οἱ ἐχθροὶ εἶχον λεπτομερῆ γνῶσιν τῶν κινήσεων τούτων ἐκ τοῦ ἐφημερίδων.

Ὁ κ. βουλευτὴς ὑποβάλλει σχετικὴν τροπολογίαν πρὸς ἀρσιν τοῦ κακοῦ τούτου.

Ἡ τροπολογία εἶναι διὰ μακρῶν ὑποστηριχθεῖσα ὑπὸ τοῦ βουλευτοῦ καὶ ἀφορᾷ τὰς στρατιωτικὰς εἰδήσεις, αἱ ὁποῖαι δύνανται νὰ βλάψωσι τὴν ἄμυναν τῆς χώρας ἐν καιρῷ πολέμου.

Ὁ κ. ΜΠΟΥΣΙΑΡΑΣ θεωρεῖ ἀπαραίτητον ὅπως ἐπιτραπῇ ἡ διάταξις ἵνα τὸ ἀρχεῖον τῆς Κυβερνήσεως μὴ ἀναστατῶνται παραμόρφωσιν τῶν ἐγγράφων. Τοῦτο εἶναι ἀναγκαῖον διὰ τὴν ἀσφάλειαν τῆς παραδόσεως.

—Ἂν εἰς τὴν πολιτείαν ἠνώχλει ὁ δικαίωμα νὰ ἐπιβάλῃ μέτρα ἐπὶ ὅσον ἀπόλυτον συμφέρον τοῦ Κράτους ἐν τῇ ἐπαγγελίᾳ τῶν συμφερόντων τῆς χώρας.

Εἰσήγητο τὸ δευτερεύον μέρος τῆς προτάσεως ὅτι ὁ νόμος ὀφείλει νὰ ἐπιτρέπῃ τὴν ἐλευθέραν κυκλοφορίαν τῶν ἰδεῶν, ἀλλὰ νὰ τιμωρῇ τὰς καταχρήσεις.

ΑΙ ΥΠΗΡΕΣΙΑΙ ΤΟΥ ΤΥΠΟΥ

Ὁ κ. ΚΑΒΟΥΡΑΣ ὑποστηρίζει τὴν ἐλευθεροτυπίαν καὶ λέγει ὅτι δὲν γνωρίζει εἰς ποῖον ἀνήκει ἡ εὐθύνη ἂν ὁ τύπος ἀποδειχθῇ ἀσυνείδητος. Ὁ τύπος προσέφερε μεγάλας ὑπηρεσίας εἰς τὸ Ἔθνος κατὰ τοὺς δυσκόλους καιρούς.

Ἀναφέρει ὅτι ὁ τύπος ἀπεκάλυψε τὰς καταχρήσεις πολλῶν κυβερνήσεων καὶ ὅτι ἡ κοινὴ γνώμη ἐσχηματίσθη διὰ τοῦ τύπου. Ἄνευ τοῦ τύπου τὸ κίνημα τοῦ 1909 δὲν θὰ εἶχε τὴν ἐπιτυχίαν του.

Ἐπίσης ὁ τύπος, λέγει, ἠμπόδισε πολλὰς κακοτεχνίας καὶ ἐφώτισε τὸν λαὸν περὶ τῶν δικαιωμάτων του. Ἡ ἐλευθερία του πρέπει νὰ εἶναι ἀπόλυτος καὶ οἱ περιορισμοὶ ἐλάχιστοι.

Θεωρεῖ ὅτι διὰ τὸν προτεθειμένον διάταξιν οὐ πάντοτε ἐπιτυγχάνεται ἡ προστασία τῶν πολιτῶν καὶ ὅτι ἡ δικαιοσύνη ὀφείλει νὰ ἐπεμβαίνῃ μόνον ὅταν ὑπάρχῃ πραγματικὴ προσβολή.

Ἡ συζήτησις συνεχίζεται μὲ ζωηρότητα καὶ πολλοὶ βουλευταὶ λαμβάνουν τὸν λόγον.

ΑΛΛΟ ΕΛΕΥΘΕΡΙΑ ΚΑΙ ΑΛΛΟ ΑΣΥΔΟΣΙΑ

Ὁ κ. ΜΠΟΥΦΙΔΗΣ λέγει ὅτι πρέπει νὰ γίνῃ διάκρισις μεταξὺ ἐλευθερίας καὶ ἀσυδοσίας. Ἡ Βουλὴ ὀφείλει νὰ προστατεύσῃ τὸν τίμιον τύπον ἀπὸ τοὺς ἐκβιαστὰς καὶ τοὺς συκοφάντας.

—Εἶτε τὸν τύπον θέλετε νὰ θέσωμεν εἰς σκιὰν τῆς ἐξουσίας, ἢ νὰ τὸν ἀφήσωμεν ἐλεύθερον ἐν τῇ εὐθύνῃ του, ἡ ἐπιλογὴ εἶναι σαφής.

Ὁ κ. βουλευτὴς ἀναφέρει παραδείγματα ἐξ ἄλλων χωρῶν ὅπου ὁ τύπος εἶναι ἐλεύθερος ἀλλ᾽ ὑπόκειται εἰς αὐστηροὺς νόμους περὶ συκοφαντίας. Τοῦτο, λέγει, εἶναι τὸ ὀρθὸν σύστημα. (Χειροκροτήματα).

Ὁ κ. ΡΑΚΤΙΒΑΝ εὐρίσκει ὅτι ἡ διάταξις τῆς ἐπιτροπῆς εἶναι ἐπαρκὴς καὶ ὅτι δὲν χρειάζονται τροπολογίαι.

Ἡ συζήτησις λήγει καὶ ἡ Βουλὴ ἀποφασίζει νὰ ψηφίσῃ ἐπὶ τοῦ ἄρθρου κατὰ τὴν προσεχῆ συνεδρίασιν. Διακόπτεται ἡ συνεδρίασις ἐν τῇ 8 καὶ 35' τῆς νυκτός.

(Συνέχεια ἐκ τῆς Δ' σελίδα)
ΑΝΑΤΟΛΙΚΗ ΑΤΜΟΠΛΟΙΑ
Π. ΠΑΝΤΑΛΕΩΝ

Τὸ ἀτμόπλοιον «Ἑλένη» ἀναχωρεῖ ΣΗΜΕΡΟΝ 8 μ. μ. διὰ ΣΥΡΟΝ, ΤΗΝΟΝ, ΑΝΔΡΟΝ, ΧΙΟΝ, ΜΥΤΙΛΗΝΗΝ, ΠΛΩΜΑΡΙΟΝ, ΓΕΡΑΝ, ΚΩΝΣΤΑΝΤΙΝΟΥΠΟΛΙΝ.

Τὸ ἀτμόπλοιον «Ἀρκαδία» ἀναχωρεῖ αὔριον ΤΕΤΑΡΤΗΝ ἀκριβῶς ΜΕΣΗΜΒΡΙΑΝ διὰ Ἀλεξάνδρειαν.

Τὸ ἀτμόπλοιον «Ζάτουνον» ἀναχωρεῖ μεθαύριον ΠΑΡΑΣΚΕΥΗΝ μεσημβρίαν διὰ ΣΥΡΟΝ, ΙΚΑΡΙΑΝ, ΚΑΡΛΟΒΑΣΙ, ΒΑΘΥ, ΤΗΓΑΝΙ, ΛΕΡΟΝ, ΚΑΛΥΜΝΟΝ, ΣΥΜΗΝ, ΝΙΣΥΡΟΝ, ΧΑΛΚΗΝ.

(Ἐκ τοῦ Πρακτορείου)

ΑΝΤΙΓΡΑΦΑ ΔΙΑ ΓΡΑΦΟΜΗΧΑΝΗΣ

Διὰ νὰ κάμνετε ἀντίγραφα διὰ γραφομηχανῆς πρέπει νὰ ἀποταθῆτε εἰς τὸ γραφεῖον τῆς ΕΞΕΜΠΛΟΘΕΙΑ ἐπὶ τῆς ὁδοῦ Σταδίου. Ἐκεῖ θὰ εὕρητε ταχύτητα καὶ ἀκρίβειαν καὶ τιμὰς μετρίας.

ΑΛΕΞ. ΠΑΠΑΣΠΥΡΟΣ
ΠΕΡΙ ΤΗΣ ΜΕΤΑΦΡΑΣΕΩΣ
ΤΩΝ ΑΓΙΩΝ ΓΡΑΦΩΝ
(Συνέχεια ἐκ τοῦ χθεσινοῦ)

Ἐπειδὴ ἡ θρησκευτικὴ ἠθικὴ τοῦ Εὐαγγελίου ἔγκειται ἀναπόσπαστος ἐκ τοῦ κειμένου αὐτοῦ, ἡ μετάφρασις εἰς ἄλλην γλῶσσαν θὰ ἀπεστέρει αὐτὸ τοῦ πλούτου τῶν ἐννοιῶν. Αἱ λέξεις τοῦ ἱεροῦ κειμένου ἔχουσι τὴν θεόπνευστον σημασίαν αὐτῶν.

Ἐκ τούτου ὅμως δὲν ἕπεται ὅτι τὸ κείμενον εἶναι ἀκατάληπτον. Ὁ λαὸς ἀκούει καθ᾽ ἑκάστην Κυριακὴν τὸ Εὐαγγέλιον καὶ κατανοεῖ αὐτὸ, διότι ἡ γλῶσσα αὐτοῦ δὲν διαφέρει τοσοῦτον ἀπὸ τῆς ὁμιλουμένης. Πᾶσα μετάφρασις θὰ ἦτο ἐκπτωσις.

Αἱ μεταφράσεις αἱ γενόμεναι ἐν τῇ Ἑσπερίᾳ ἀπέδειξαν ὅτι ἡ ἀρχικὴ σημασία τῶν ῥήσεων ἀλλοιοῦται. Ἡ Λατινικὴ Βουλγάτα, ἡ Γερμανικὴ μετάφρασις τοῦ Λουθήρου καὶ αἱ Ἀγγλικαὶ μεταφράσεις περιέχουσιν πολλὰ σφάλματα. Ἡ ἑλληνικὴ Ἐκκλησία ὀφείλει νὰ διατηρήσῃ τὸ πρωτότυπον κείμενον.

Ἐπειδὴ τὸ πρωτότυπον κείμενον τῆς Καινῆς Διαθήκης καὶ τῶν Ἁγίων Γραφῶν καθόλου τῆς Ἑλληνικῆς γλώσσης εἶναι ἡ μήτηρ πάσης ἄλλης, πᾶσα μετάφρασις εἶναι κατώτερα. Οἱ ἑρμηνευταὶ τῆς Ἐκκλησίας ἀνέκαθεν ἐδίδαξαν ὅτι ἡ ἑρμηνεία ἀνήκει εἰς τὴν Ἐκκλησίαν καὶ ὄχι εἰς τὸν ἰδιώτην.

Ὅτι δὲ οὐδεμία μετάφρασις τῶν Ἁγίων Γραφῶν εἶναι ἀναγκαία ἀποδεικνύεται ἐκ τοῦ ὅτι ὁ λαὸς ἐπὶ δεκαεννέα αἰῶνας ἀνεγίνωσκε τὸ πρωτότυπον ἄνευ δυσκολίας. Ἡ Ὀρθοδοξία διετήρησε τὸ κείμενον ἀπαράλλακτον καὶ τοῦτο εἶναι τίτλος τιμῆς δι᾽ αὐτήν.

Ἡ γλῶσσα τοῦ Εὐαγγελίου εἶναι ἡ κοινὴ ἑλληνικὴ, ἡ ὁποία ἦτο κατανοητὴ εἰς ὅλους τοὺς λαοὺς τῆς Ἀνατολῆς. Ἐκ ταύτης προῆλθεν ἡ σημερινὴ ἡμῶν γλῶσσα. Ἐὰν μεταφράσωμεν τὸ Εὐαγγέλιον, θὰ διακόψωμεν τὴν ἱστορικὴν συνέχειαν τοῦ Ἔθνους καὶ τῆς Ἐκκλησίας.

Ἄλλως τε, ἡ ἐπιτροπὴ τῶν σοφῶν τῆς Ἱερᾶς Συνόδου ἀπεφάνθη ὅτι ἡ μετάφρασις δὲν εἶναι ἐπιτρεπτή. Ἡ ἀπόφασις αὕτη στηρίζεται εἰς τοὺς ἱεροὺς κανόνας καὶ εἰς τὴν παράδοσιν τῶν Πατέρων. Οὐδεὶς ἔχει δικαίωμα νὰ τὴν παραβῇ.

Πρὸς τούτοις ἡ μετάφρασις θὰ ἐπέφερε διχασμὸν μεταξὺ τῶν πιστῶν. Ἄλλοι θὰ ἀνεγίνωσκον τὸ πρωτότυπον καὶ ἄλλοι τὴν μετάφρασιν, καὶ ἡ ἑνότης τῆς λατρείας θὰ διεσπᾶτο. Τοῦτο εἶναι μέγας κίνδυνος διὰ τὴν Ἐκκλησίαν καὶ τὸ Ἔθνος.

Ὅθεν, ἐπειδὴ ἡ τῶν ἑρμηνειῶν διαφορὰ ἐπιφέρει ταραχὴν, ἡ Ἐκκλησία ἀπαγορεύει τὴν κυκλοφορίαν τῶν μεταφράσεων. Ἡ ἀπόφασις αὕτη εἶναι σοφὴ καὶ ἀναγκαία, καθόσον ἡ ἱστορία ἀποδεικνύει ὅτι αἱ μεταφράσεις ὑπῆρξαν αἰτία αἱρέσεων.

Ἡ γλῶσσα τῶν Εὐαγγελίων εἶναι ἡ αὐτὴ μὲ τὴν γλῶσσαν τῶν Πατέρων καὶ τῶν ὕμνων τῆς Ἐκκλησίας. Ὁ ἑλληνικὸς λαὸς ἀκούει τοὺς ὕμνους καὶ τὰ ἀναγνώσματα καὶ ἐννοεῖ αὐτά. Μεταξὺ τῶν δύο γλωσσῶν ὑπάρχει στενὴ συγγένεια, ἥτις καθιστᾷ περιττὴν τὴν μετάφρασιν.

Ζ. Ν. ΡΩΣΗΣ
(Ἕπεται συνέχεια)
ΚΗΔΕΙΑ

Τὸν προσφιλέστατον ἡμῶν σύζυγον, πατέρα καὶ πενθερὸν

ΕΥΣΤΑΘΙΟΝ ΒΟΥΓΙΟΥΚΑΝ

θανόντα χθὲς κηδεύομεν σήμερον Τετάρτην καὶ ὥραν 4 μ. μ. ἐκ τῆς οἰκίας αὐτοῦ ἐπὶ τῆς ὁδοῦ Πειραιῶς. Παρακαλοῦμεν ὅθεν τοὺς συγγενεῖς καὶ φίλους νὰ συνοδεύσωσι τὴν κηδείαν.

Ἐν Ἀθήναις τῇ 9 Μαρτίου 1911

Ἡ τεθλιμμένη σύζυγος Παυλίνα Ε. Βουγιούκα. Τὰ τέκνα Παναγιώτης Ι. Κοῦζουλα, Ἀνδρ. Ε. Βουγιούκα, Μαρία Ε. Βουγιούκα, Ἑλένη Ε. Βουγιούκα. (Ἡ παροῦσα θεωρηθήτω καὶ ὡς ἰδιαιτέρα πρόσκλησις).
